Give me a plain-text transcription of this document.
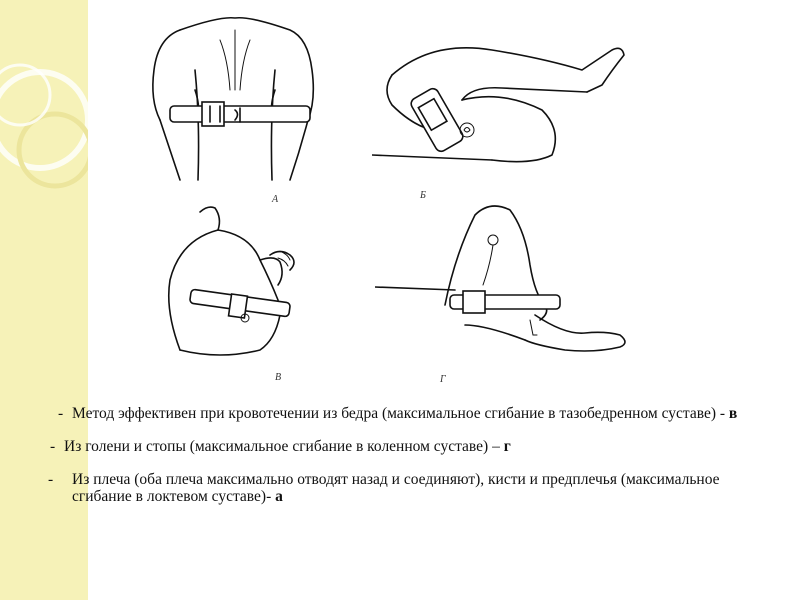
А	Б
В	Г
- Метод эффективен при кровотечении из бедра (максимальное сгибание в тазобедренном суставе) - в
- Из голени и стопы (максимальное сгибание в коленном суставе) – г
-	Из плеча (оба плеча максимально отводят назад и соединяют), кисти и предплечья (максимальное сгибание в локтевом суставе)- а
